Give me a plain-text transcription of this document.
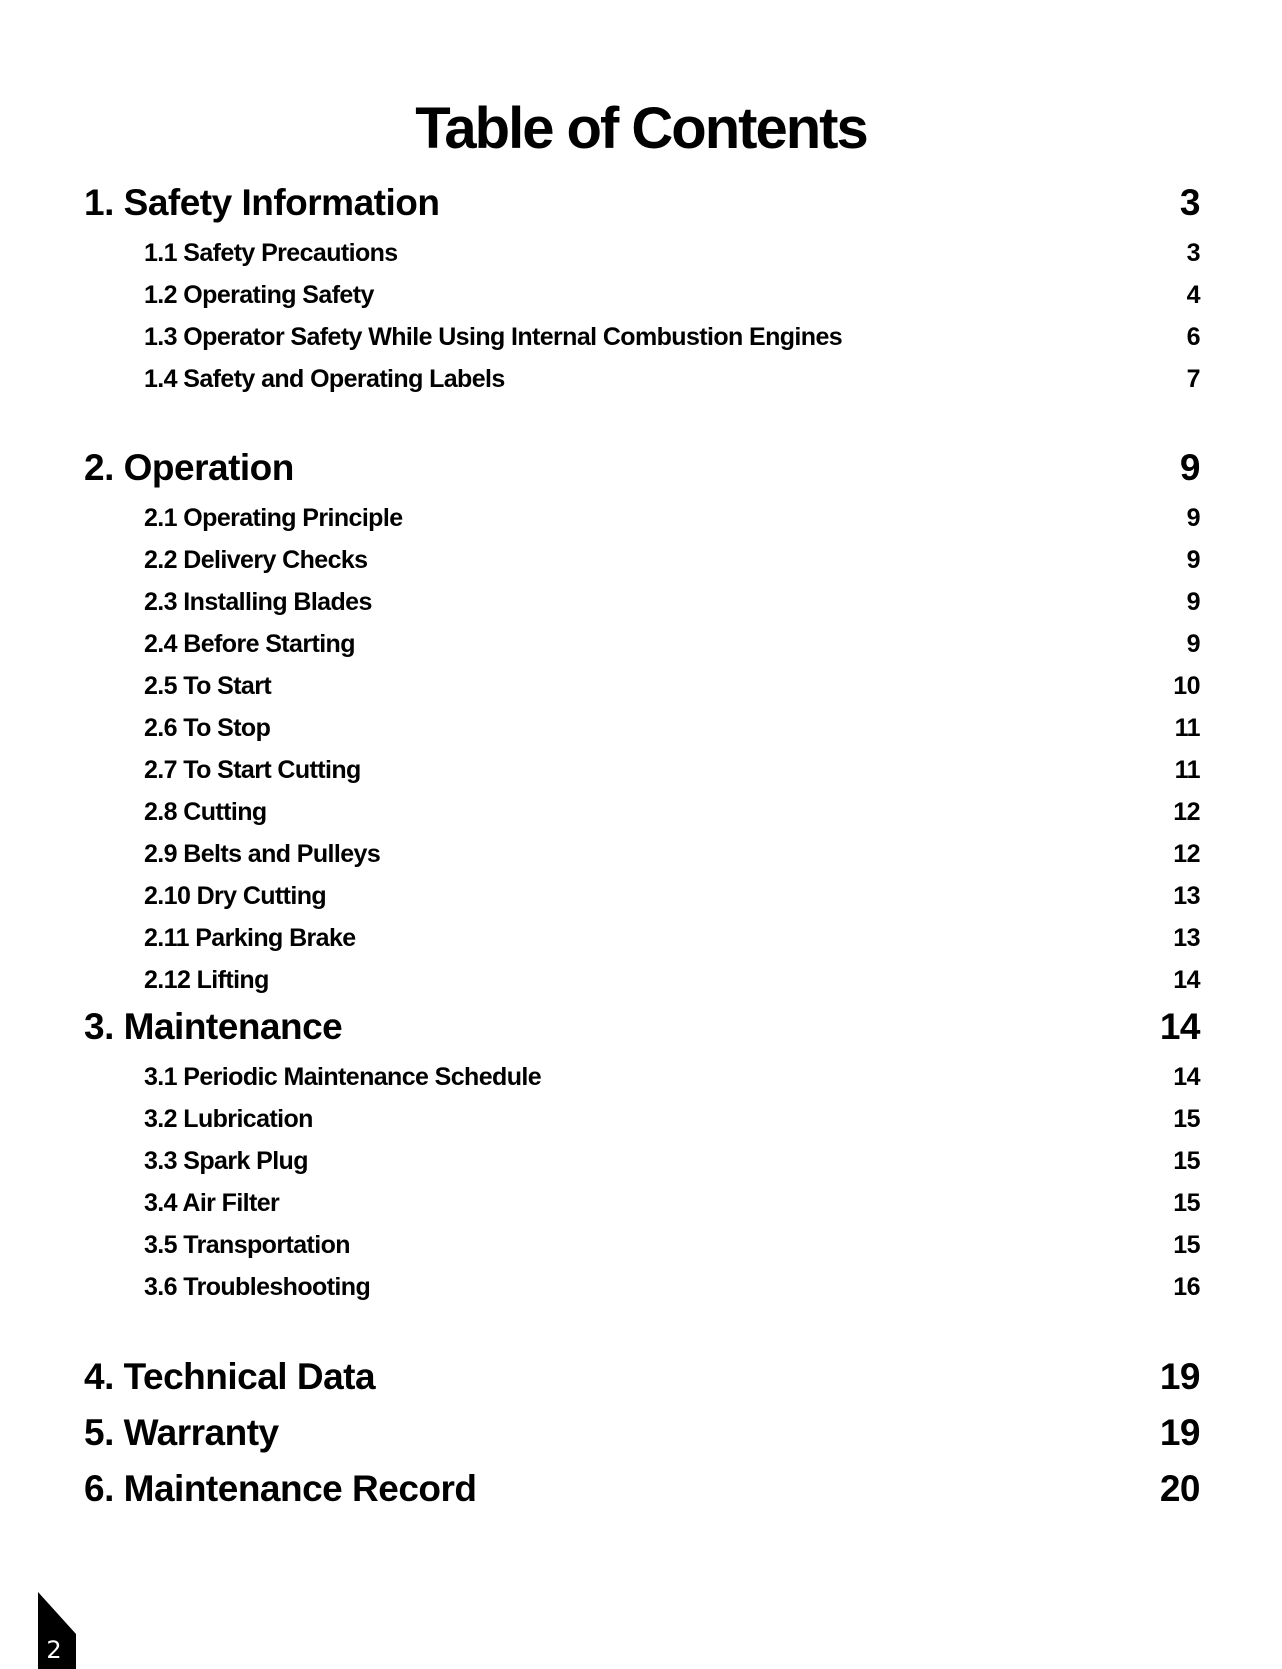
Table of Contents
1. Safety Information	3
1.1 Safety Precautions	3
1.2 Operating Safety	4
1.3 Operator Safety While Using Internal Combustion Engines	6
1.4 Safety and Operating Labels	7
2. Operation	9
2.1 Operating Principle	9
2.2 Delivery Checks	9
2.3 Installing Blades	9
2.4 Before Starting	9
2.5 To Start	10
2.6 To Stop	11
2.7 To Start Cutting	11
2.8 Cutting	12
2.9 Belts and Pulleys	12
2.10 Dry Cutting	13
2.11 Parking Brake	13
2.12 Lifting	14
3. Maintenance	14
3.1 Periodic Maintenance Schedule	14
3.2 Lubrication	15
3.3 Spark Plug	15
3.4 Air Filter	15
3.5 Transportation	15
3.6 Troubleshooting	16
4. Technical Data	19
5. Warranty	19
6. Maintenance Record	20
2
